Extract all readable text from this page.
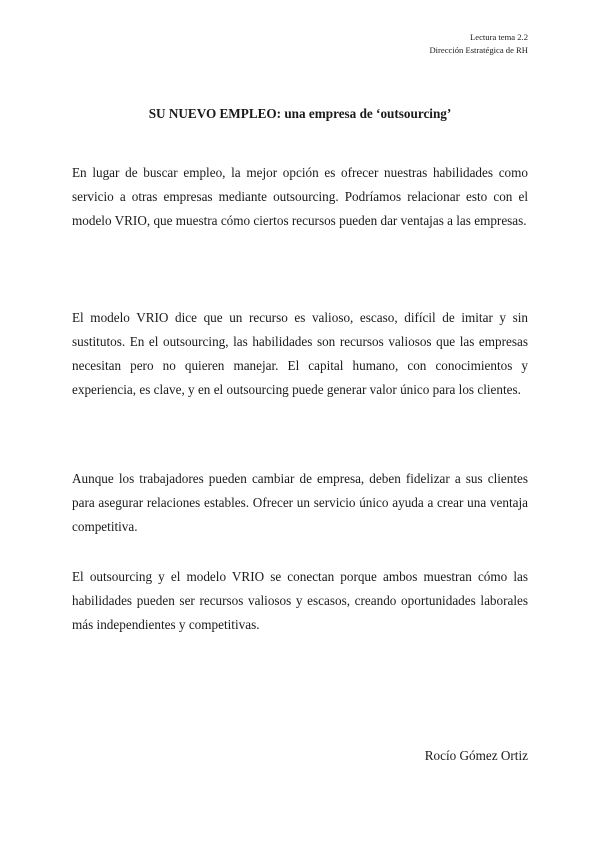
Lectura tema 2.2
Dirección Estratégica de RH
SU NUEVO EMPLEO: una empresa de ‘outsourcing’

En lugar de buscar empleo, la mejor opción es ofrecer nuestras habilidades como servicio a otras empresas mediante outsourcing. Podríamos relacionar esto con el modelo VRIO, que muestra cómo ciertos recursos pueden dar ventajas a las empresas.

El modelo VRIO dice que un recurso es valioso, escaso, difícil de imitar y sin sustitutos. En el outsourcing, las habilidades son recursos valiosos que las empresas necesitan pero no quieren manejar. El capital humano, con conocimientos y experiencia, es clave, y en el outsourcing puede generar valor único para los clientes.

Aunque los trabajadores pueden cambiar de empresa, deben fidelizar a sus clientes para asegurar relaciones estables. Ofrecer un servicio único ayuda a crear una ventaja competitiva.

El outsourcing y el modelo VRIO se conectan porque ambos muestran cómo las habilidades pueden ser recursos valiosos y escasos, creando oportunidades laborales más independientes y competitivas.

Rocío Gómez Ortiz
